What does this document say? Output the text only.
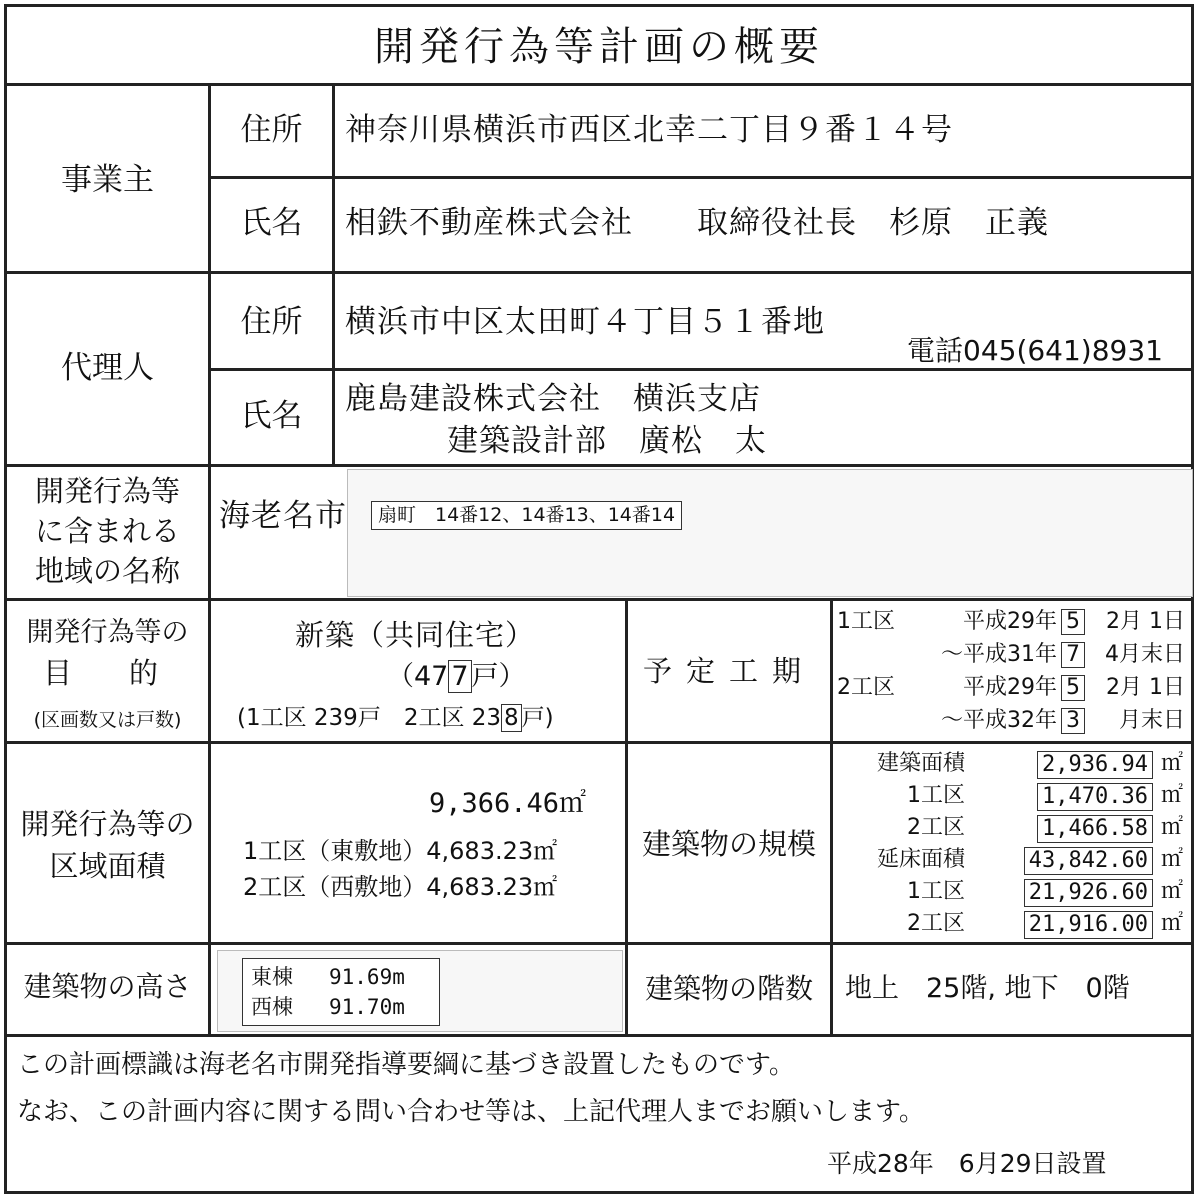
開発行為等計画の概要
事業主
住所	神奈川県横浜市西区北幸二丁目９番１４号
氏名	相鉄不動産株式会社　　取締役社長　杉原　正義
代理人
住所	横浜市中区太田町４丁目５１番地
電話045(641)8931
氏名	鹿島建設株式会社　横浜支店
建築設計部　廣松　太
開発行為等
に含まれる
地域の名称
海老名市	扇町　14番12、14番13、14番14
開発行為等の
目　的
(区画数又は戸数)
新築（共同住宅）
（47 7 戸）
(1工区 239戸　2工区 23 8 戸)
予定工期
1工区	平成29年 5 2月 1日
～平成31年 7 4月末日
2工区	平成29年 5 2月 1日
～平成32年 3 月末日
開発行為等の
区域面積
9,366.46㎡
1工区（東敷地）4,683.23㎡
2工区（西敷地）4,683.23㎡
建築物の規模
建築面積	2,936.94 ㎡
1工区	1,470.36 ㎡
2工区	1,466.58 ㎡
延床面積	43,842.60 ㎡
1工区	21,926.60 ㎡
2工区	21,916.00 ㎡
建築物の高さ	東棟 91.69m
西棟 91.70m
建築物の階数	地上　25階, 地下　0階
この計画標識は海老名市開発指導要綱に基づき設置したものです。
なお、この計画内容に関する問い合わせ等は、上記代理人までお願いします。
平成28年　6月29日設置
